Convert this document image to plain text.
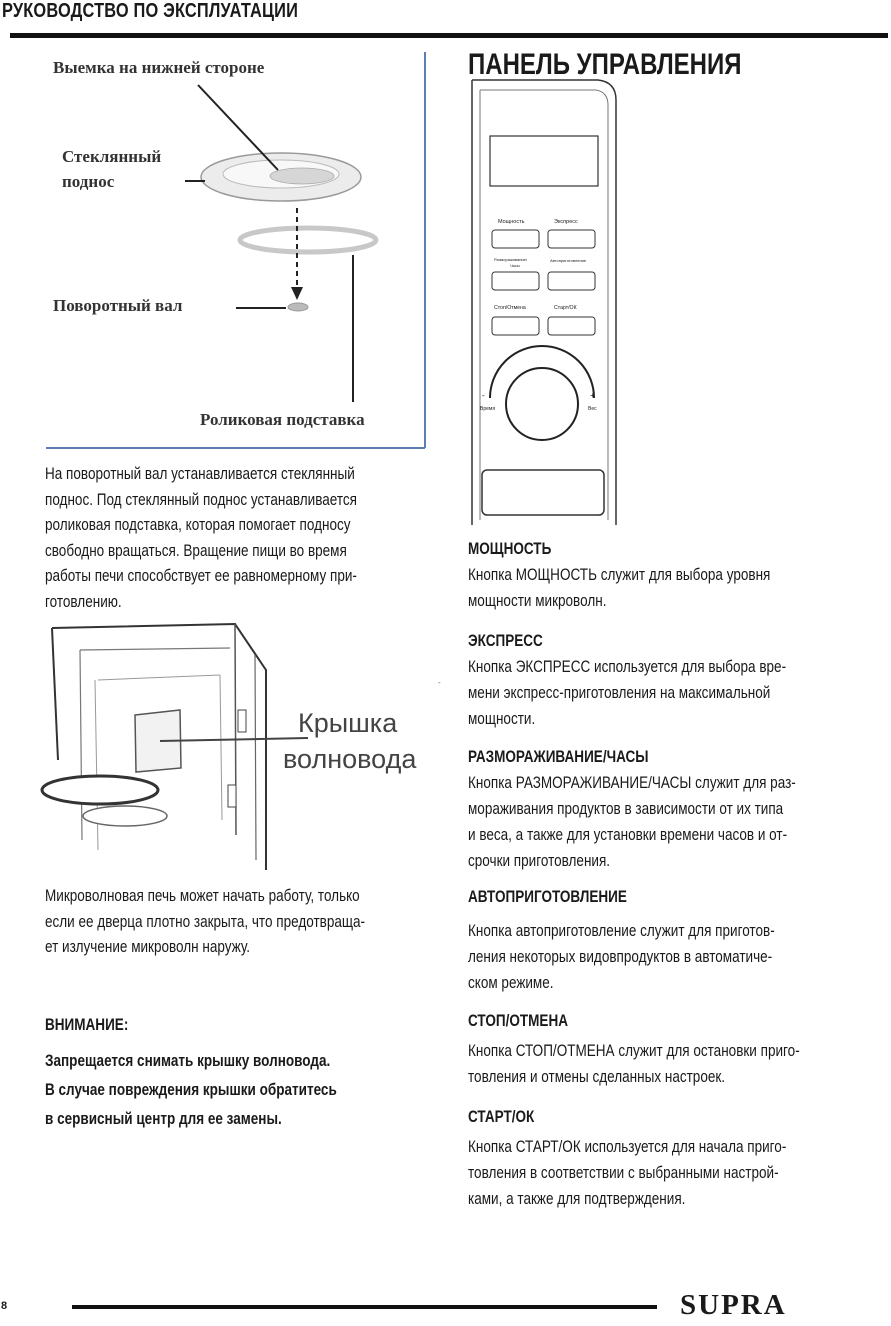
РУКОВОДСТВО ПО ЭКСПЛУАТАЦИИ
Выемка на нижней стороне
Стеклянный
поднос
Поворотный вал
Роликовая подставка
На поворотный вал устанавливается стеклянный
поднос. Под стеклянный поднос устанавливается
роликовая подставка, которая помогает подносу
свободно вращаться. Вращение пищи во время
работы печи способствует ее равномерному при-
готовлению.
-
Крышка
волновода
Микроволновая печь может начать работу, только
если ее дверца плотно закрыта, что предотвраща-
ет излучение микроволн наружу.
ВНИМАНИЕ:
Запрещается снимать крышку волновода.
В случае повреждения крышки обратитесь
в сервисный центр для ее замены.
ПАНЕЛЬ УПРАВЛЕНИЯ
Мощность	Экспресс
Размораживание/
Часы
Автоприготовление
Стоп/Отмена	Старт/ОК
Время	Вес
-	+
МОЩНОСТЬ
Кнопка МОЩНОСТЬ служит для выбора уровня
мощности микроволн.
ЭКСПРЕСС
Кнопка ЭКСПРЕСС используется для выбора вре-
мени экспресс-приготовления на максимальной
мощности.
РАЗМОРАЖИВАНИЕ/ЧАСЫ
Кнопка РАЗМОРАЖИВАНИЕ/ЧАСЫ служит для раз-
мораживания продуктов в зависимости от их типа
и веса, а также для установки времени часов и от-
срочки приготовления.
АВТОПРИГОТОВЛЕНИЕ
Кнопка автоприготовление служит для приготов-
ления некоторых видовпродуктов в автоматиче-
ском режиме.
СТОП/ОТМЕНА
Кнопка СТОП/ОТМЕНА служит для остановки приго-
товления и отмены сделанных настроек.
СТАРТ/ОК
Кнопка СТАРТ/ОК используется для начала приго-
товления в соответствии с выбранными настрой-
ками, а также для подтверждения.
8	SUPRA
